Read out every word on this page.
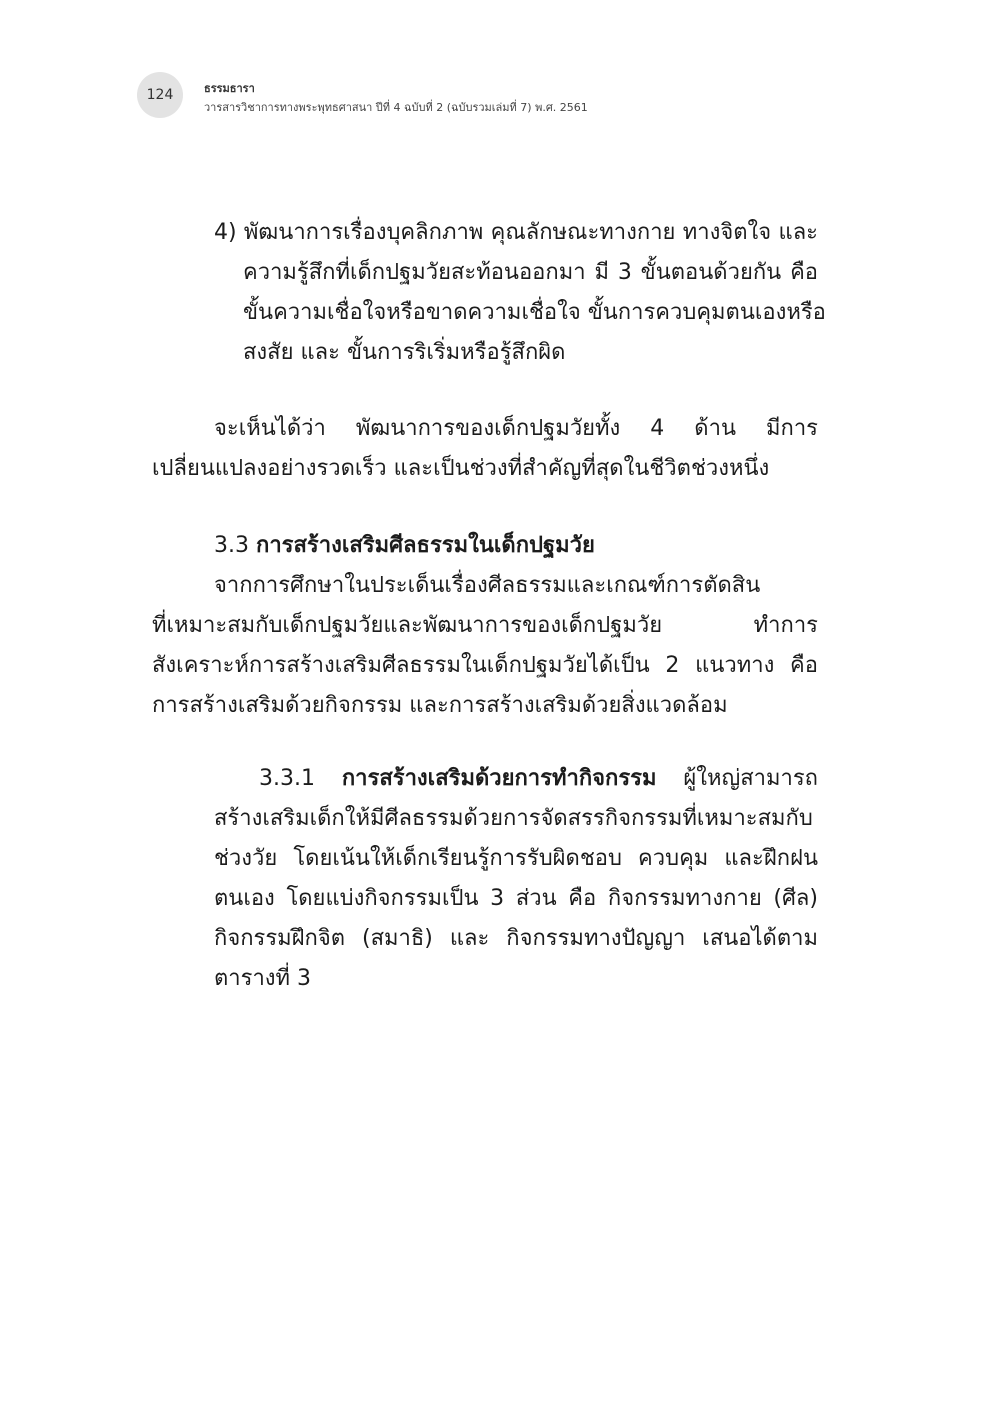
124	ธรรมธารา
วารสารวิชาการทางพระพุทธศาสนา ปีที่ 4 ฉบับที่ 2 (ฉบับรวมเล่มที่ 7) พ.ศ. 2561
4) พัฒนาการเรื่องบุคลิกภาพ คุณลักษณะทางกาย ทางจิตใจ และ
ความรู้สึกที่เด็กปฐมวัยสะท้อนออกมา มี 3 ขั้นตอนด้วยกัน คือ
ขั้นความเชื่อใจหรือขาดความเชื่อใจ ขั้นการควบคุมตนเองหรือ
สงสัย และ ขั้นการริเริ่มหรือรู้สึกผิด
จะเห็นได้ว่า พัฒนาการของเด็กปฐมวัยทั้ง 4 ด้าน มีการ
เปลี่ยนแปลงอย่างรวดเร็ว และเป็นช่วงที่สำคัญที่สุดในชีวิตช่วงหนึ่ง
3.3 การสร้างเสริมศีลธรรมในเด็กปฐมวัย
จากการศึกษาในประเด็นเรื่องศีลธรรมและเกณฑ์การตัดสิน
ที่เหมาะสมกับเด็กปฐมวัยและพัฒนาการของเด็กปฐมวัย ทำการ
สังเคราะห์การสร้างเสริมศีลธรรมในเด็กปฐมวัยได้เป็น 2 แนวทาง คือ
การสร้างเสริมด้วยกิจกรรม และการสร้างเสริมด้วยสิ่งแวดล้อม
3.3.1 การสร้างเสริมด้วยการทำกิจกรรม ผู้ใหญ่สามารถ
สร้างเสริมเด็กให้มีศีลธรรมด้วยการจัดสรรกิจกรรมที่เหมาะสมกับ
ช่วงวัย โดยเน้นให้เด็กเรียนรู้การรับผิดชอบ ควบคุม และฝึกฝน
ตนเอง โดยแบ่งกิจกรรมเป็น 3 ส่วน คือ กิจกรรมทางกาย (ศีล)
กิจกรรมฝึกจิต (สมาธิ) และ กิจกรรมทางปัญญา เสนอได้ตาม
ตารางที่ 3
